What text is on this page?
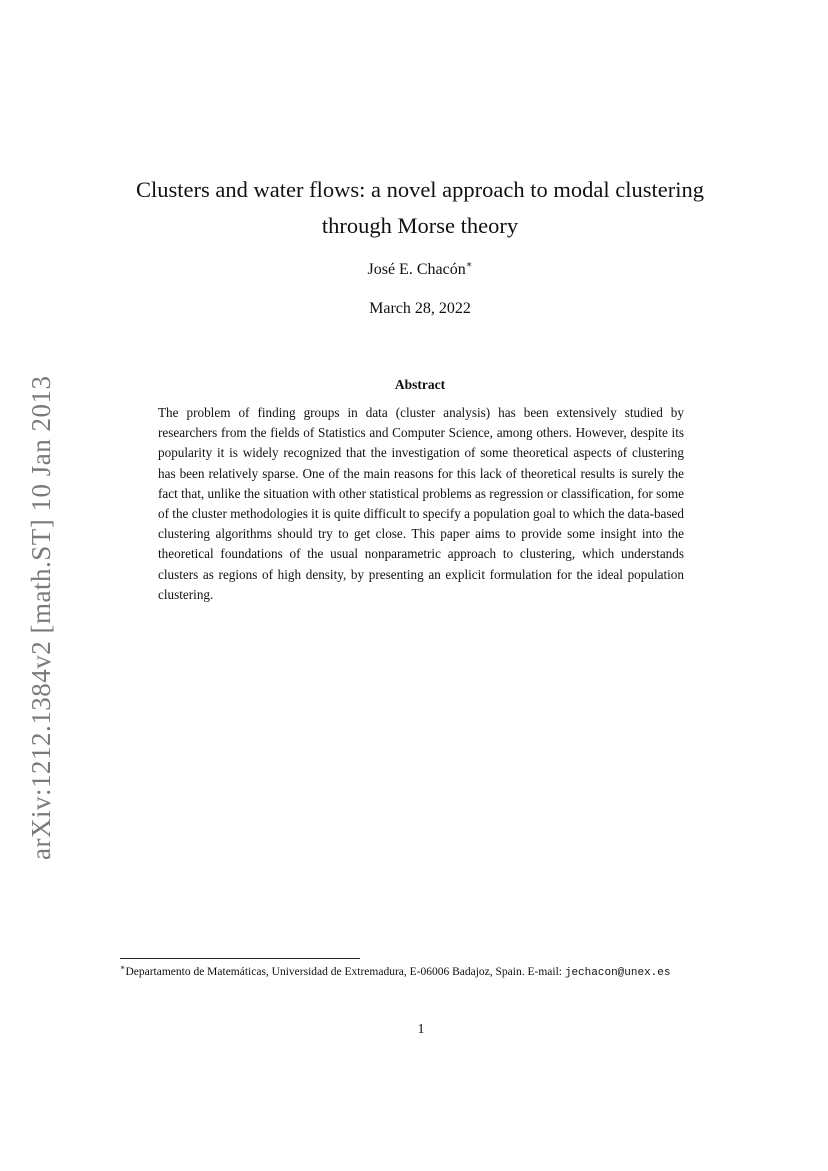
arXiv:1212.1384v2 [math.ST] 10 Jan 2013
Clusters and water flows: a novel approach to modal clustering through Morse theory
José E. Chacón∗
March 28, 2022
Abstract

The problem of finding groups in data (cluster analysis) has been extensively studied by researchers from the fields of Statistics and Computer Science, among others. However, despite its popularity it is widely recognized that the investigation of some theoretical aspects of clustering has been relatively sparse. One of the main reasons for this lack of theoretical results is surely the fact that, unlike the situation with other statistical problems as regression or classification, for some of the cluster methodologies it is quite difficult to specify a population goal to which the data-based clustering algorithms should try to get close. This paper aims to provide some insight into the theoretical foundations of the usual nonparametric approach to clustering, which understands clusters as regions of high density, by presenting an explicit formulation for the ideal population clustering.

∗Departamento de Matemáticas, Universidad de Extremadura, E-06006 Badajoz, Spain. E-mail: jechacon@unex.es
1
